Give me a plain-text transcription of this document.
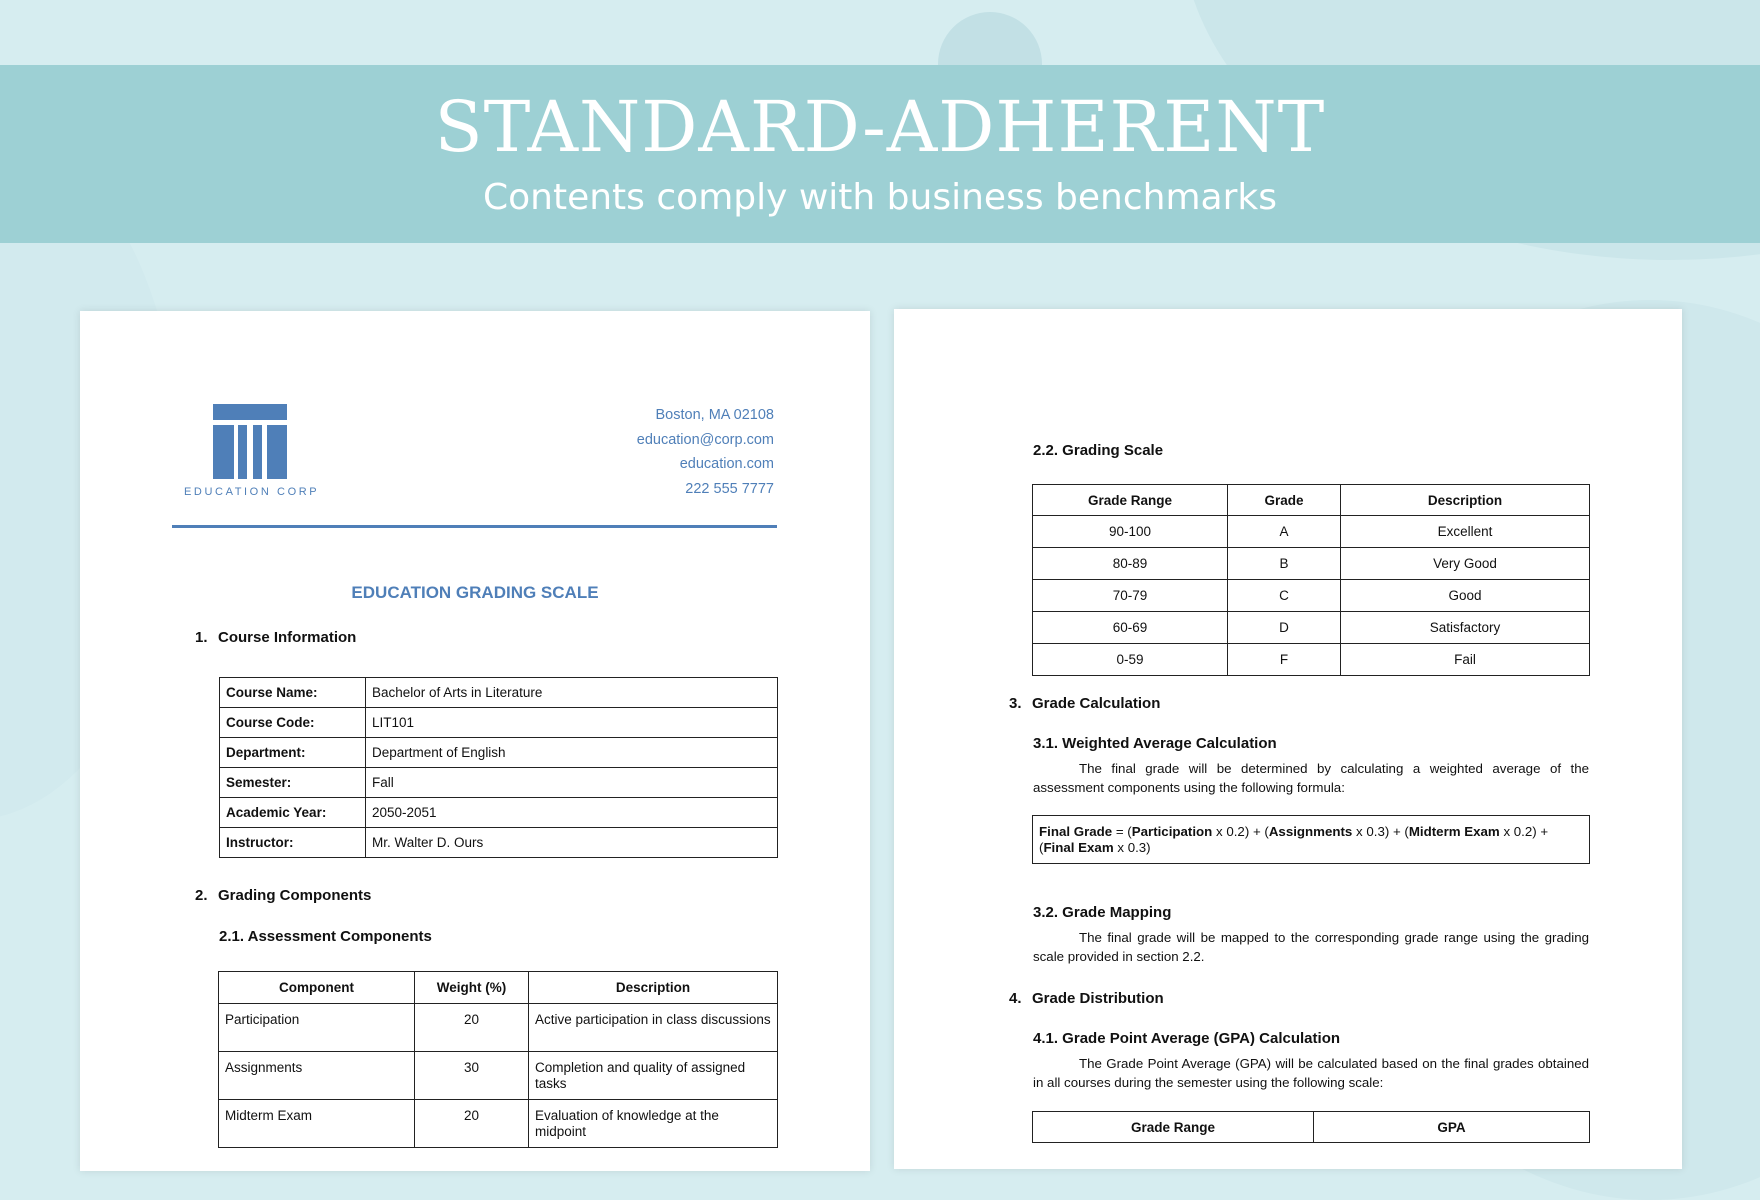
STANDARD-ADHERENT
Contents comply with business benchmarks
EDUCATION CORP
Boston, MA 02108
education@corp.com
education.com
222 555 7777
EDUCATION GRADING SCALE
1. Course Information
Course Name:	Bachelor of Arts in Literature
Course Code:	LIT101
Department:	Department of English
Semester:	Fall
Academic Year:	2050-2051
Instructor:	Mr. Walter D. Ours
2. Grading Components
2.1. Assessment Components
Component	Weight (%)	Description
Participation	20	Active participation in class discussions
Assignments	30	Completion and quality of assigned tasks
Midterm Exam	20	Evaluation of knowledge at the midpoint
2.2. Grading Scale
Grade Range	Grade	Description
90-100	A	Excellent
80-89	B	Very Good
70-79	C	Good
60-69	D	Satisfactory
0-59	F	Fail
3. Grade Calculation
3.1. Weighted Average Calculation
The final grade will be determined by calculating a weighted average of the assessment components using the following formula:
Final Grade = (Participation x 0.2) + (Assignments x 0.3) + (Midterm Exam x 0.2) + (Final Exam x 0.3)
3.2. Grade Mapping
The final grade will be mapped to the corresponding grade range using the grading scale provided in section 2.2.
4. Grade Distribution
4.1. Grade Point Average (GPA) Calculation
The Grade Point Average (GPA) will be calculated based on the final grades obtained in all courses during the semester using the following scale:
Grade Range	GPA
